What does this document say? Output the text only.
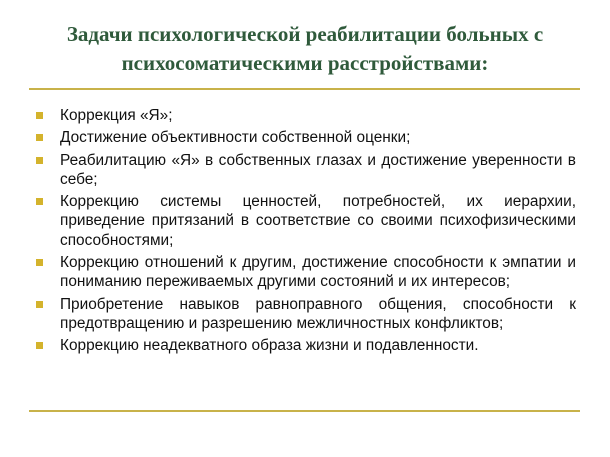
Задачи психологической реабилитации больных с психосоматическими расстройствами:
Коррекция «Я»;
Достижение объективности собственной оценки;
Реабилитацию «Я» в собственных глазах и достижение уверенности в себе;
Коррекцию системы ценностей, потребностей, их иерархии, приведение притязаний в соответствие со своими психофизическими способностями;
Коррекцию отношений к другим, достижение способности к эмпатии и пониманию переживаемых другими состояний и их интересов;
Приобретение навыков равноправного общения, способности к предотвращению и разрешению межличностных конфликтов;
Коррекцию неадекватного образа жизни и подавленности.
